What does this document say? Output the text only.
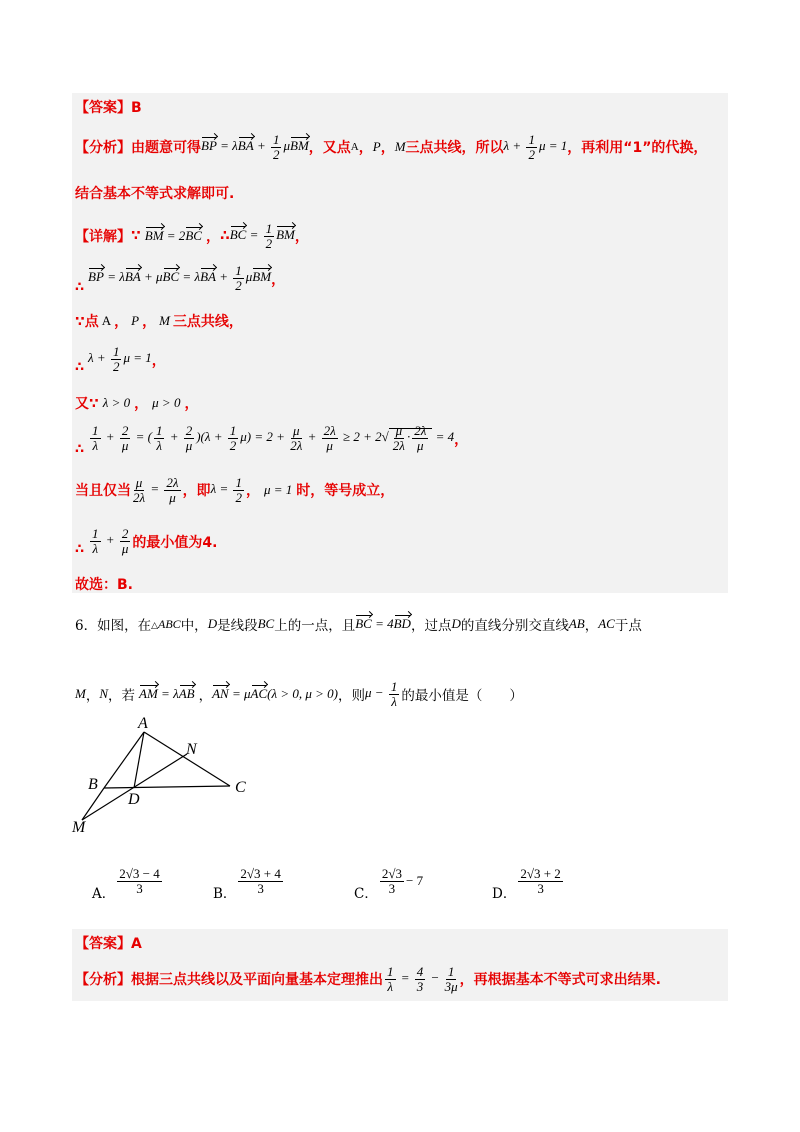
【答案】B
【分析】 由题意可得 BP = $\lambda BA + \frac{1}{2}$ μBM ，又点 A ， P ， M 三点共线，所以 $\lambda + \frac{1}{2}$ μ = 1 ，再利用“1”的代换，
结合基本不等式求解即可.
【详解】 ∵ BM = 2BC ， ∴ BC = $\frac{1}{2}$ BM ，
∴
BP = $\lambda BA + \mu BC = \lambda BA + \frac{1}{2}$ μBM ，
∵点 A ， P ， M 三点共线，
∴
$\lambda + \frac{1}{2}$ μ = 1 ，
又∵ λ > 0 ， μ > 0 ，
∴ $\frac{1}{\lambda} + \frac{2}{\mu}$ = ( $\frac{1}{\lambda} + \frac{2}{\mu} )(\lambda + \frac{1}{2} \mu) = 2 + \frac{\mu}{2\lambda} + \frac{2\lambda}{\mu} \ge 2 + 2√ \frac{\mu}{2\lambda} \cdot \frac{2\lambda}{\mu} = 4$ ，
当且仅当 $\frac{\mu}{2\lambda} = \frac{2\lambda}{\mu}$ ，即 $\lambda = \frac{1}{2}$ ， μ = 1 时，等号成立，
∴ $\frac{1}{\lambda} + \frac{2}{\mu}$ 的最小值为4.
故选：B.
6．如图，在 △ABC 中， D 是线段 BC 上的一点，且 BC = 4BD ，过点 D 的直线分别交直线 AB ， AC 于点
M ， N ，若 AM = λAB ， AN = μAC(λ > 0, μ > 0) ，则 $\mu - \frac{1}{\lambda}$ 的最小值是（　　）
A
B	C
D
M
N
A． $\frac{2√3 - 4}{3}$	B． $\frac{2√3 + 4}{3}$	C． $\frac{2√3}{3} - 7$
D． $\frac{2√3 + 2}{3}$
【答案】A
【分析】 根据三点共线以及平面向量基本定理推出 $\frac{1}{\lambda} = \frac{4}{3} - \frac{1}{3\mu}$ ，再根据基本不等式可求出结果.
